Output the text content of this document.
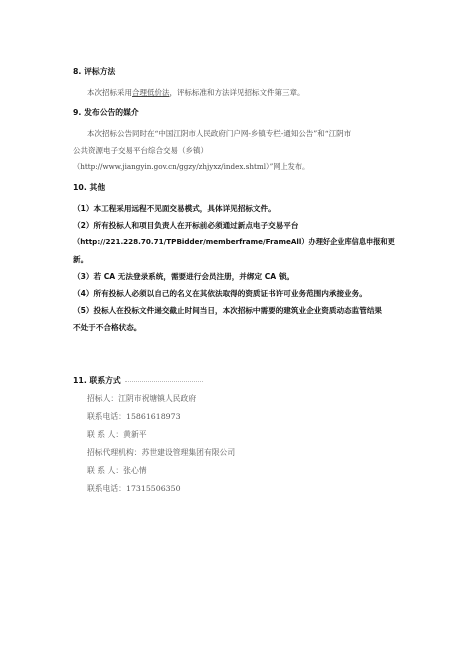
8. 评标方法
本次招标采用合理低价法，评标标准和方法详见招标文件第三章。
9. 发布公告的媒介
本次招标公告同时在“中国江阴市人民政府门户网-乡镇专栏-通知公告”和“江阴市
公共资源电子交易平台综合交易（乡镇）
（http://www.jiangyin.gov.cn/ggzy/zhjyxz/index.shtml）”网上发布。
10. 其他
（1）本工程采用远程不见面交易模式，具体详见招标文件。
（2）所有投标人和项目负责人在开标前必须通过新点电子交易平台
（http://221.228.70.71/TPBidder/memberframe/FrameAll）办理好企业库信息申报和更
新。
（3）若 CA 无法登录系统，需要进行会员注册，并绑定 CA 锁。
（4）所有投标人必须以自己的名义在其依法取得的资质证书许可业务范围内承接业务。
（5）投标人在投标文件递交截止时间当日，本次招标中需要的建筑业企业资质动态监管结果
不处于不合格状态。
11. 联系方式
招标人：江阴市祝塘镇人民政府
联系电话：15861618973
联 系 人：黄新平
招标代理机构：苏世建设管理集团有限公司
联 系 人：张心情
联系电话：17315506350
